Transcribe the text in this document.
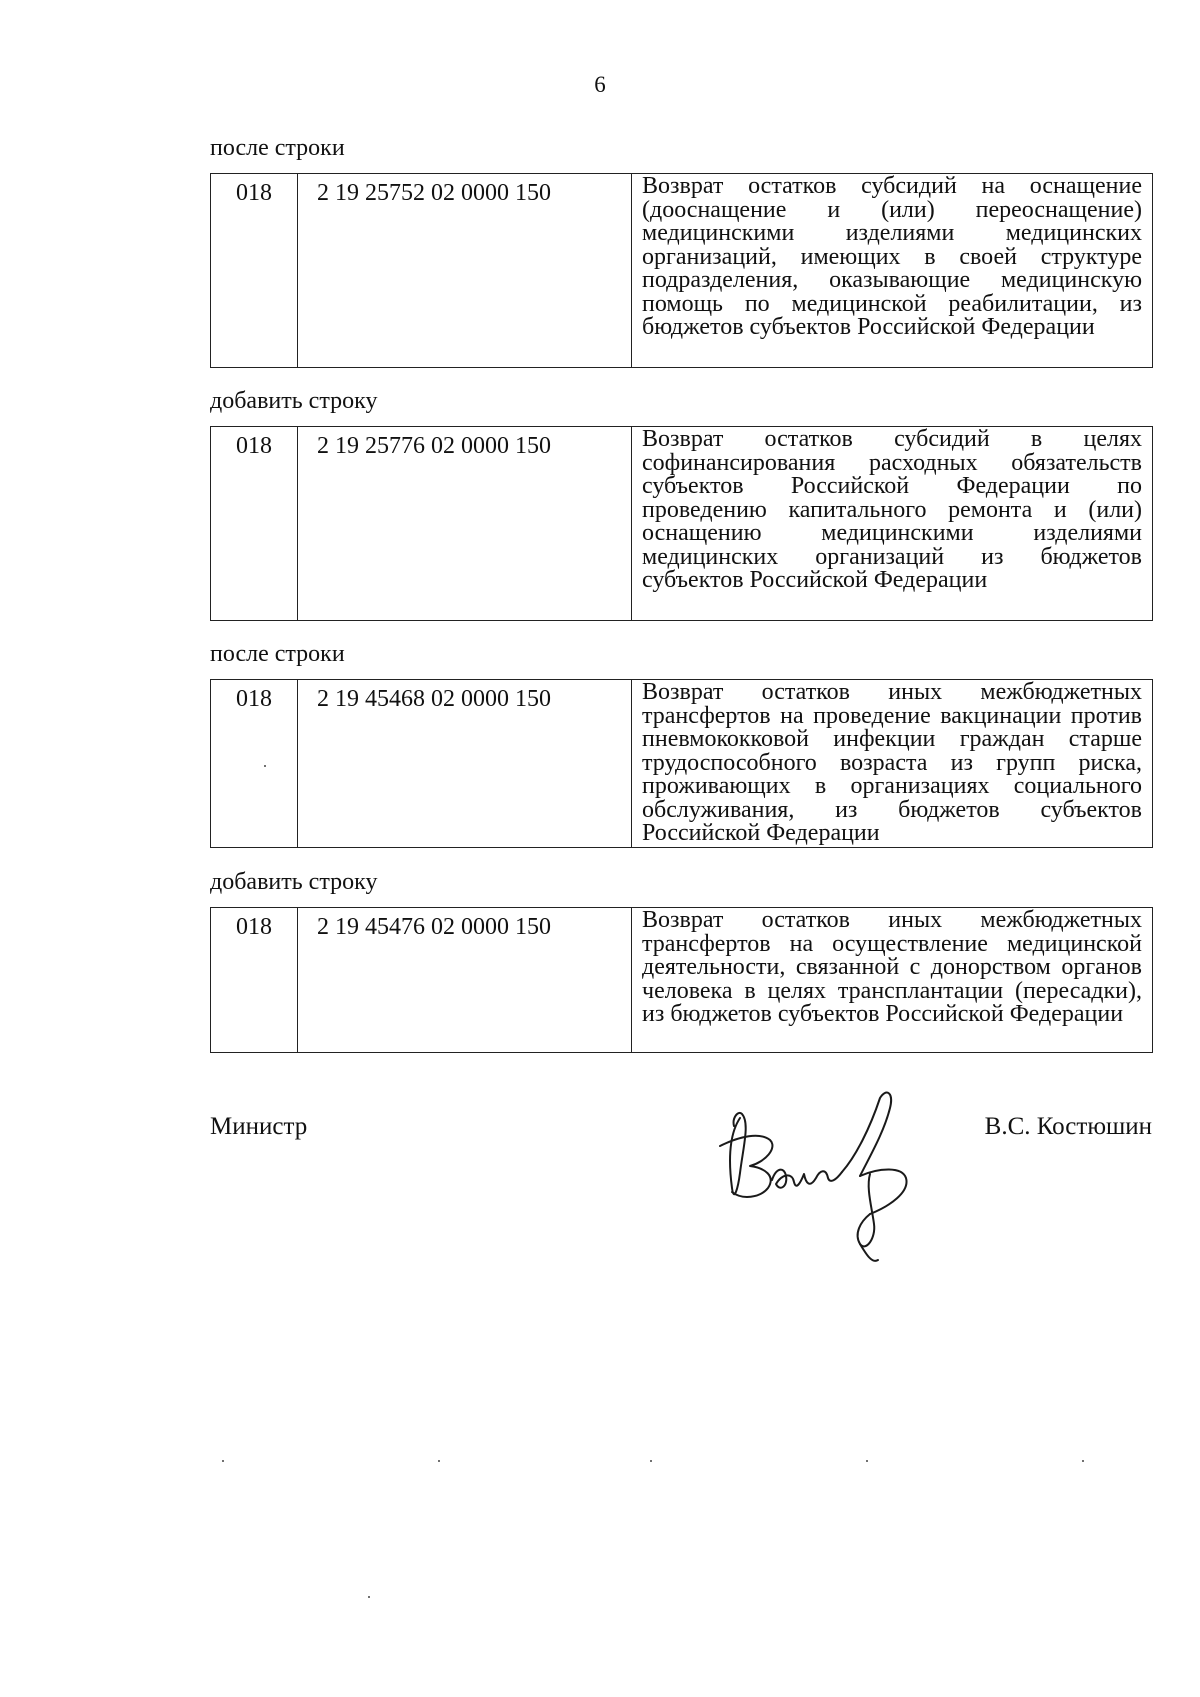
6
после строки
018	2 19 25752 02 0000 150	Возврат остатков субсидий на оснащение (дооснащение и (или) переоснащение) медицинскими изделиями медицинских организаций, имеющих в своей структуре подразделения, оказывающие медицинскую помощь по медицинской реабилитации, из бюджетов субъектов Российской Федерации
добавить строку
018	2 19 25776 02 0000 150	Возврат остатков субсидий в целях софинансирования расходных обязательств субъектов Российской Федерации по проведению капитального ремонта и (или) оснащению медицинскими изделиями медицинских организаций из бюджетов субъектов Российской Федерации
после строки
018	2 19 45468 02 0000 150	Возврат остатков иных межбюджетных трансфертов на проведение вакцинации против пневмококковой инфекции граждан старше трудоспособного возраста из групп риска, проживающих в организациях социального обслуживания, из бюджетов субъектов Российской Федерации
добавить строку
018	2 19 45476 02 0000 150	Возврат остатков иных межбюджетных трансфертов на осуществление медицинской деятельности, связанной с донорством органов человека в целях трансплантации (пересадки), из бюджетов субъектов Российской Федерации
Министр	В.С. Костюшин
